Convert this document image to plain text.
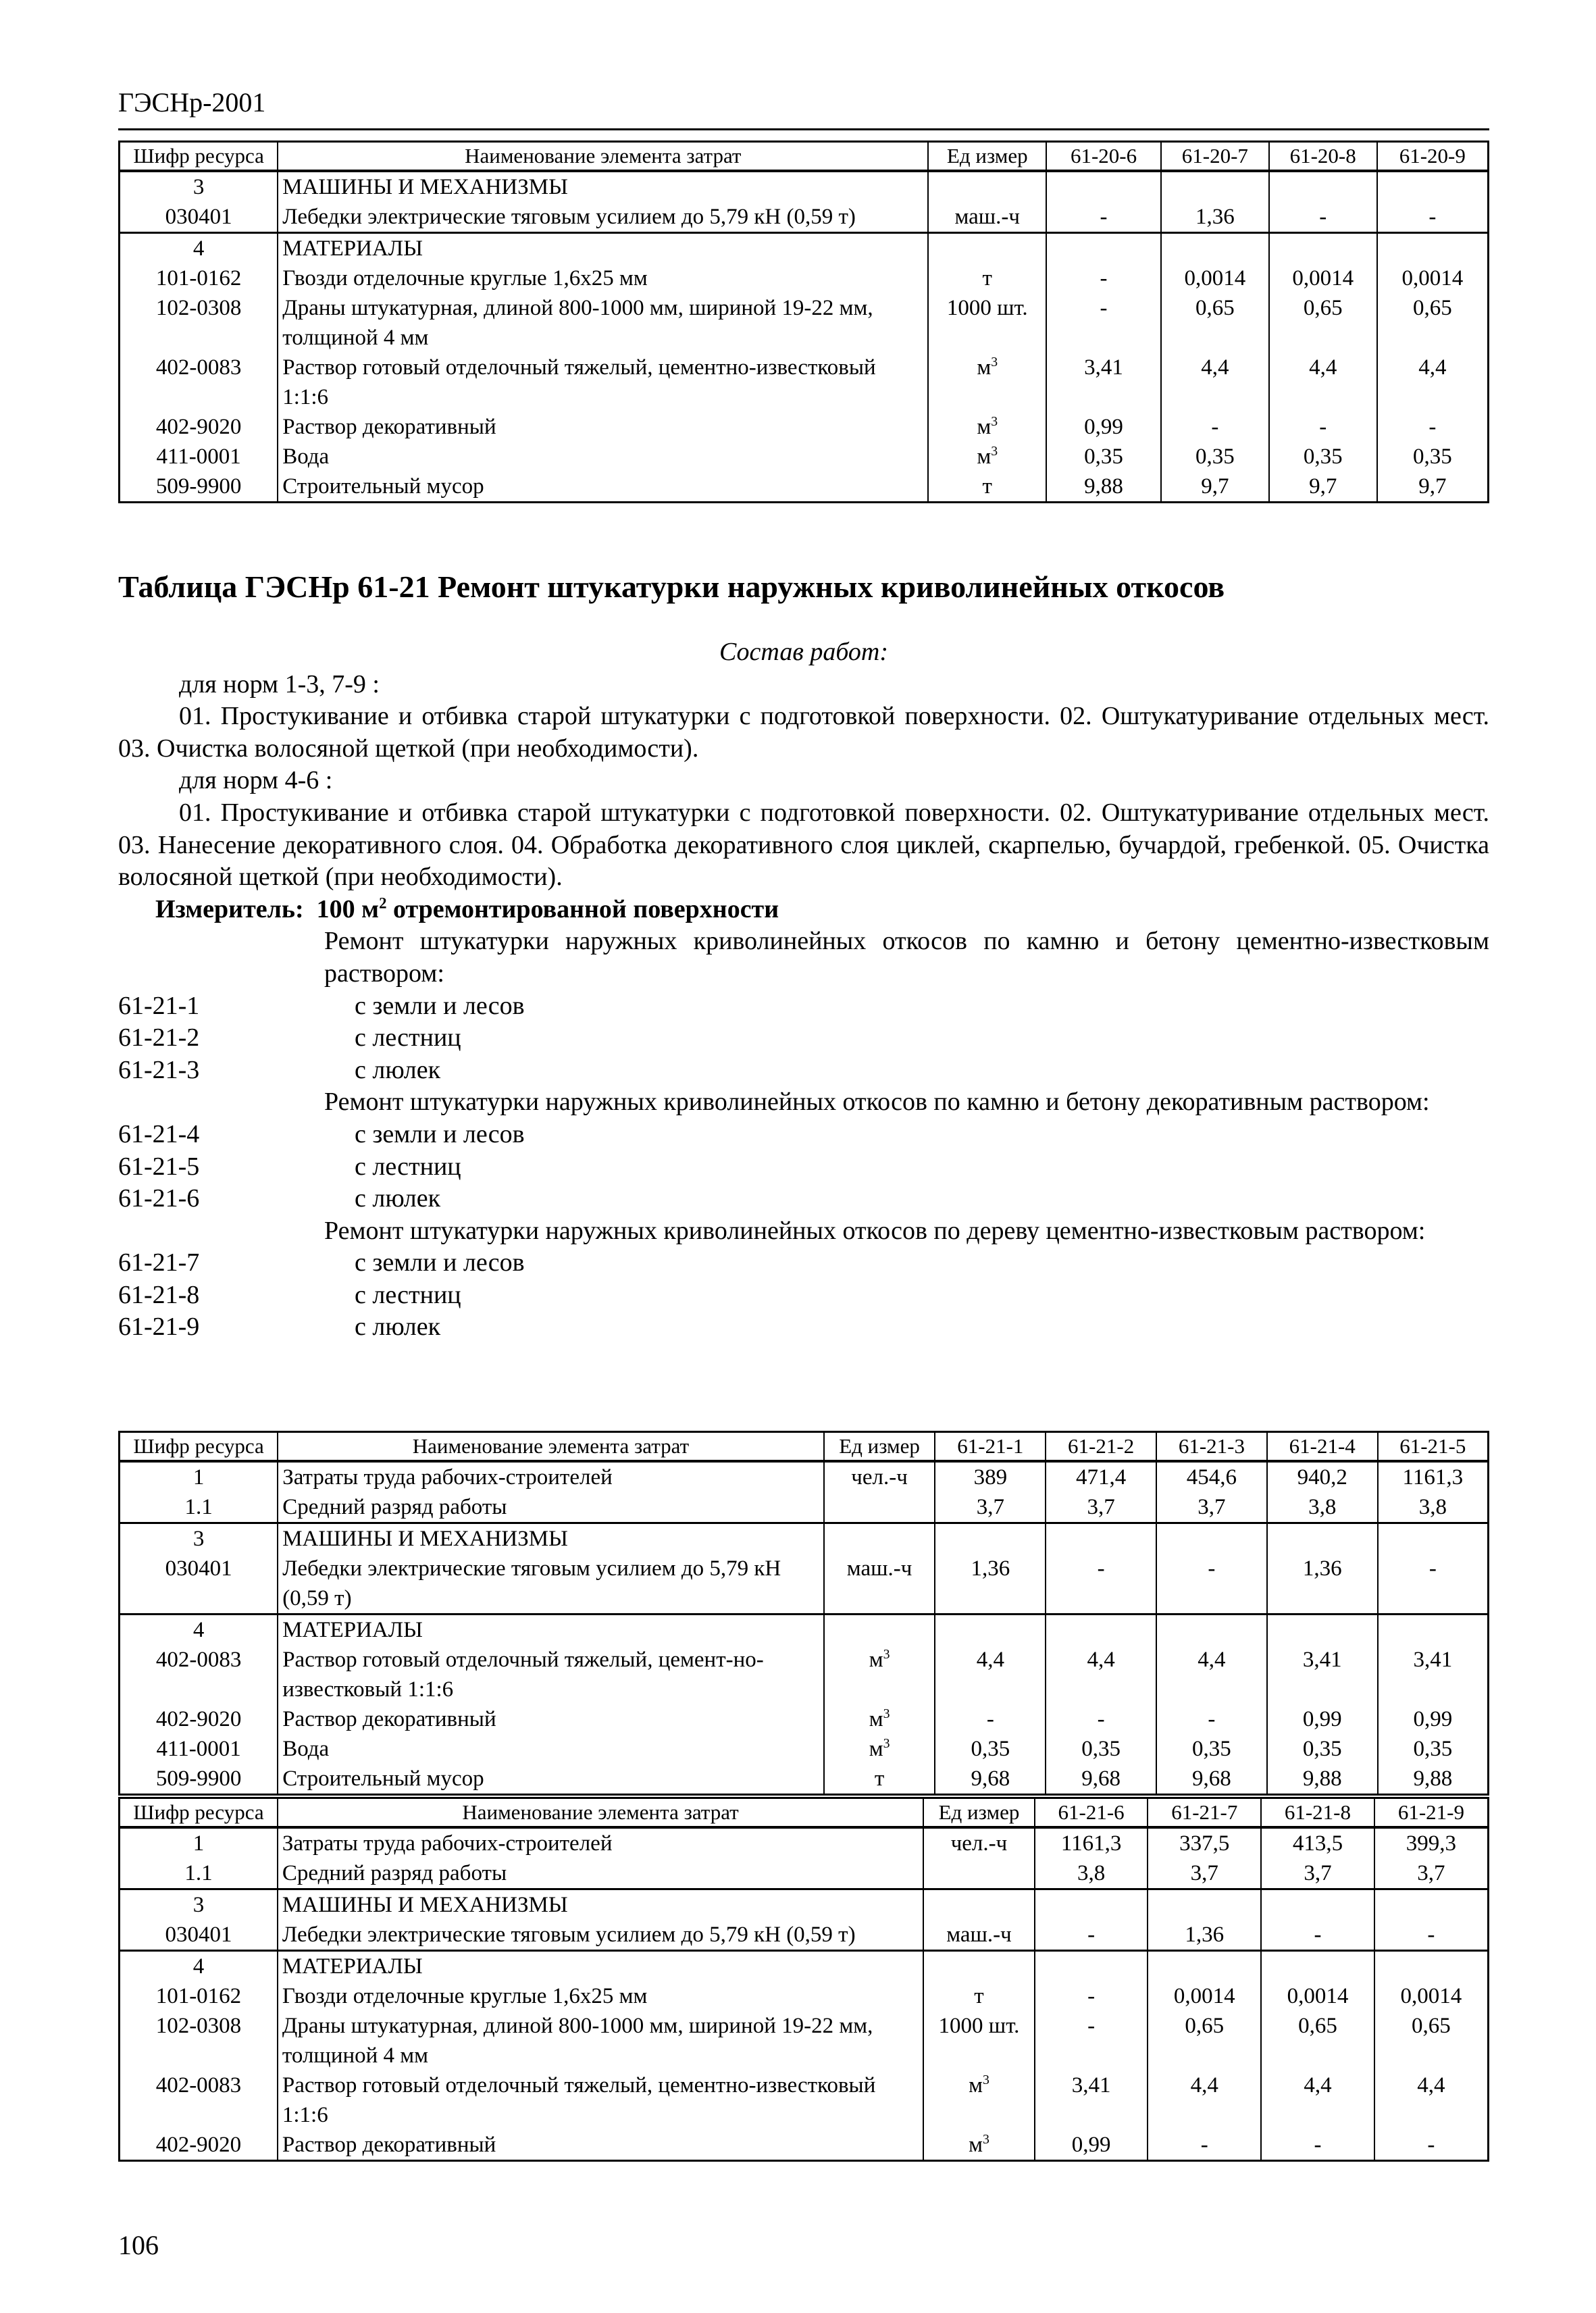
ГЭСНр-2001
Шифр ресурса	Наименование элемента затрат	Ед измер	61-20-6	61-20-7	61-20-8	61-20-9
3	МАШИНЫ И МЕХАНИЗМЫ					
030401	Лебедки электрические тяговым усилием до 5,79 кН (0,59 т)	маш.-ч	-	1,36	-	-
4	МАТЕРИАЛЫ					
101-0162	Гвозди отделочные круглые 1,6х25 мм	т	-	0,0014	0,0014	0,0014
102-0308	Драны штукатурная, длиной 800-1000 мм, шириной 19-22 мм, толщиной 4 мм	1000 шт.	-	0,65	0,65	0,65
402-0083	Раствор готовый отделочный тяжелый, цементно-известковый 1:1:6	$м^3$	3,41	4,4	4,4	4,4
402-9020	Раствор декоративный	$м^3$	0,99	-	-	-
411-0001	Вода	$м^3$	0,35	0,35	0,35	0,35
509-9900	Строительный мусор	т	9,88	9,7	9,7	9,7
Таблица ГЭСНр 61-21 Ремонт штукатурки наружных криволинейных откосов

Состав работ:

для норм 1-3, 7-9 :

01. Простукивание и отбивка старой штукатурки с подготовкой поверхности. 02. Оштукатуривание отдельных мест. 03. Очистка волосяной щеткой (при необходимости).

для норм 4-6 :

01. Простукивание и отбивка старой штукатурки с подготовкой поверхности. 02. Оштукатуривание отдельных мест. 03. Нанесение декоративного слоя. 04. Обработка декоративного слоя циклей, скарпелью, бучардой, гребенкой. 05. Очистка волосяной щеткой (при необходимости).

Измеритель: 100 $м^2$ отремонтированной поверхности

Ремонт штукатурки наружных криволинейных откосов по камню и бетону цементно-известковым раствором:

61-21-1	с земли и лесов
61-21-2	с лестниц
61-21-3	с люлек

Ремонт штукатурки наружных криволинейных откосов по камню и бетону декоративным раствором:

61-21-4	с земли и лесов
61-21-5	с лестниц
61-21-6	с люлек

Ремонт штукатурки наружных криволинейных откосов по дереву цементно-известковым раствором:

61-21-7	с земли и лесов
61-21-8	с лестниц
61-21-9	с люлек
Шифр ресурса	Наименование элемента затрат	Ед измер	61-21-1	61-21-2	61-21-3	61-21-4	61-21-5
1	Затраты труда рабочих-строителей	чел.-ч	389	471,4	454,6	940,2	1161,3
1.1	Средний разряд работы		3,7	3,7	3,7	3,8	3,8
3	МАШИНЫ И МЕХАНИЗМЫ						
030401	Лебедки электрические тяговым усилием до 5,79 кН (0,59 т)	маш.-ч	1,36	-	-	1,36	-
4	МАТЕРИАЛЫ						
402-0083	Раствор готовый отделочный тяжелый, цемент-но-известковый 1:1:6	$м^3$	4,4	4,4	4,4	3,41	3,41
402-9020	Раствор декоративный	$м^3$	-	-	-	0,99	0,99
411-0001	Вода	$м^3$	0,35	0,35	0,35	0,35	0,35
509-9900	Строительный мусор	т	9,68	9,68	9,68	9,88	9,88
Шифр ресурса	Наименование элемента затрат	Ед измер	61-21-6	61-21-7	61-21-8	61-21-9
1	Затраты труда рабочих-строителей	чел.-ч	1161,3	337,5	413,5	399,3
1.1	Средний разряд работы		3,8	3,7	3,7	3,7
3	МАШИНЫ И МЕХАНИЗМЫ					
030401	Лебедки электрические тяговым усилием до 5,79 кН (0,59 т)	маш.-ч	-	1,36	-	-
4	МАТЕРИАЛЫ					
101-0162	Гвозди отделочные круглые 1,6х25 мм	т	-	0,0014	0,0014	0,0014
102-0308	Драны штукатурная, длиной 800-1000 мм, шириной 19-22 мм, толщиной 4 мм	1000 шт.	-	0,65	0,65	0,65
402-0083	Раствор готовый отделочный тяжелый, цементно-известковый 1:1:6	$м^3$	3,41	4,4	4,4	4,4
402-9020	Раствор декоративный	$м^3$	0,99	-	-	-
106
